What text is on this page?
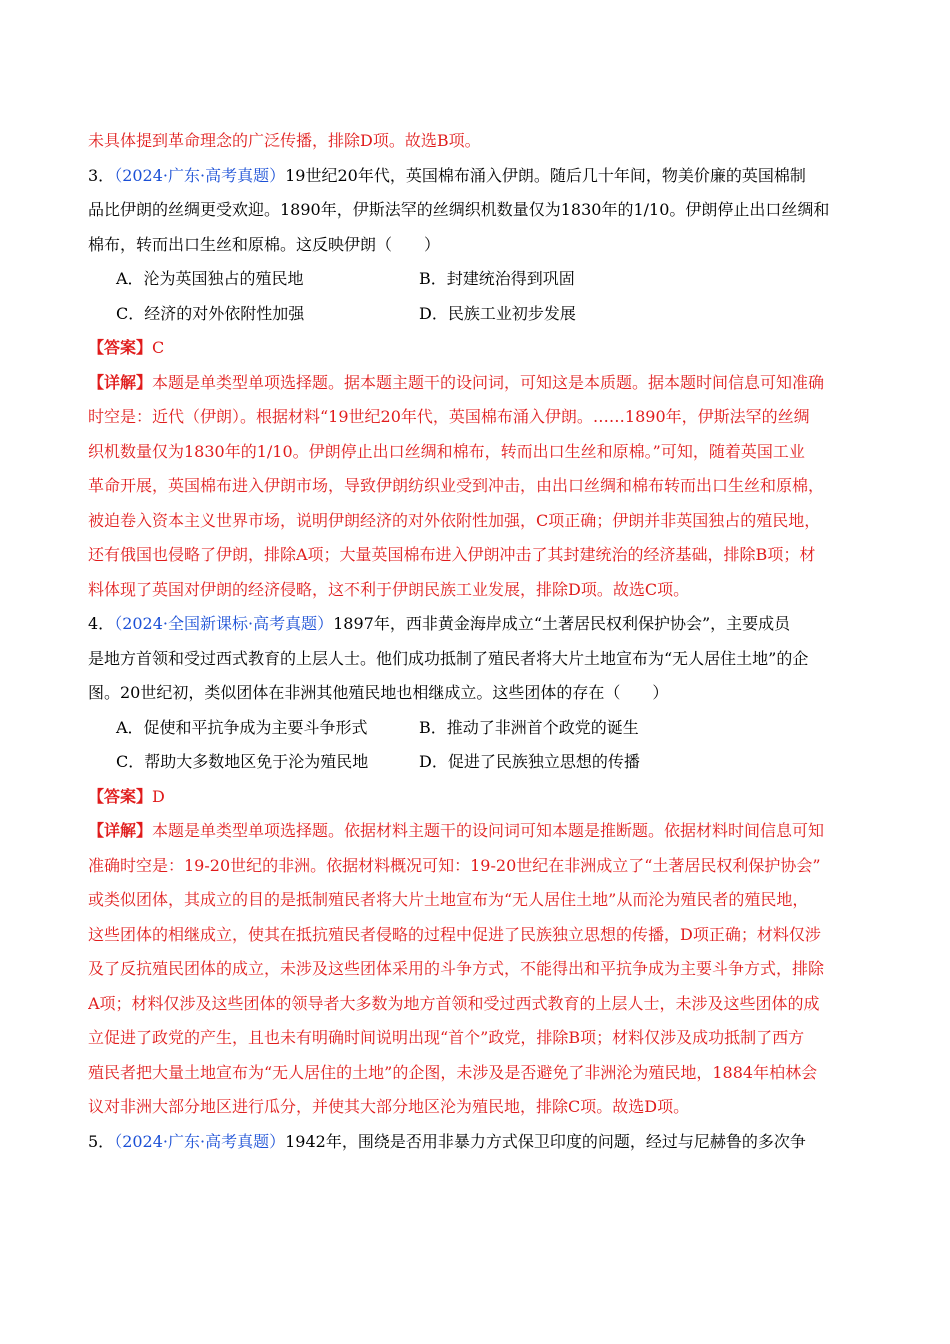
未具体提到革命理念的广泛传播，排除D项。故选B项。
3．（2024·广东·高考真题）19世纪20年代，英国棉布涌入伊朗。随后几十年间，物美价廉的英国棉制
品比伊朗的丝绸更受欢迎。1890年，伊斯法罕的丝绸织机数量仅为1830年的1/10。伊朗停止出口丝绸和
棉布，转而出口生丝和原棉。这反映伊朗（　　）
A．沦为英国独占的殖民地	B．封建统治得到巩固
C．经济的对外依附性加强	D．民族工业初步发展
【答案】C
【详解】本题是单类型单项选择题。据本题主题干的设问词，可知这是本质题。据本题时间信息可知准确
时空是：近代（伊朗）。根据材料“19世纪20年代，英国棉布涌入伊朗。……1890年，伊斯法罕的丝绸
织机数量仅为1830年的1/10。伊朗停止出口丝绸和棉布，转而出口生丝和原棉。”可知，随着英国工业
革命开展，英国棉布进入伊朗市场，导致伊朗纺织业受到冲击，由出口丝绸和棉布转而出口生丝和原棉，
被迫卷入资本主义世界市场，说明伊朗经济的对外依附性加强，C项正确；伊朗并非英国独占的殖民地，
还有俄国也侵略了伊朗，排除A项；大量英国棉布进入伊朗冲击了其封建统治的经济基础，排除B项；材
料体现了英国对伊朗的经济侵略，这不利于伊朗民族工业发展，排除D项。故选C项。
4．（2024·全国新课标·高考真题）1897年，西非黄金海岸成立“土著居民权利保护协会”，主要成员
是地方首领和受过西式教育的上层人士。他们成功抵制了殖民者将大片土地宣布为“无人居住土地”的企
图。20世纪初，类似团体在非洲其他殖民地也相继成立。这些团体的存在（　　）
A．促使和平抗争成为主要斗争形式	B．推动了非洲首个政党的诞生
C．帮助大多数地区免于沦为殖民地	D．促进了民族独立思想的传播
【答案】D
【详解】本题是单类型单项选择题。依据材料主题干的设问词可知本题是推断题。依据材料时间信息可知
准确时空是：19-20世纪的非洲。依据材料概况可知：19-20世纪在非洲成立了“土著居民权利保护协会”
或类似团体，其成立的目的是抵制殖民者将大片土地宣布为“无人居住土地”从而沦为殖民者的殖民地，
这些团体的相继成立，使其在抵抗殖民者侵略的过程中促进了民族独立思想的传播，D项正确；材料仅涉
及了反抗殖民团体的成立，未涉及这些团体采用的斗争方式，不能得出和平抗争成为主要斗争方式，排除
A项；材料仅涉及这些团体的领导者大多数为地方首领和受过西式教育的上层人士，未涉及这些团体的成
立促进了政党的产生，且也未有明确时间说明出现“首个”政党，排除B项；材料仅涉及成功抵制了西方
殖民者把大量土地宣布为“无人居住的土地”的企图，未涉及是否避免了非洲沦为殖民地，1884年柏林会
议对非洲大部分地区进行瓜分，并使其大部分地区沦为殖民地，排除C项。故选D项。
5．（2024·广东·高考真题）1942年，围绕是否用非暴力方式保卫印度的问题，经过与尼赫鲁的多次争
